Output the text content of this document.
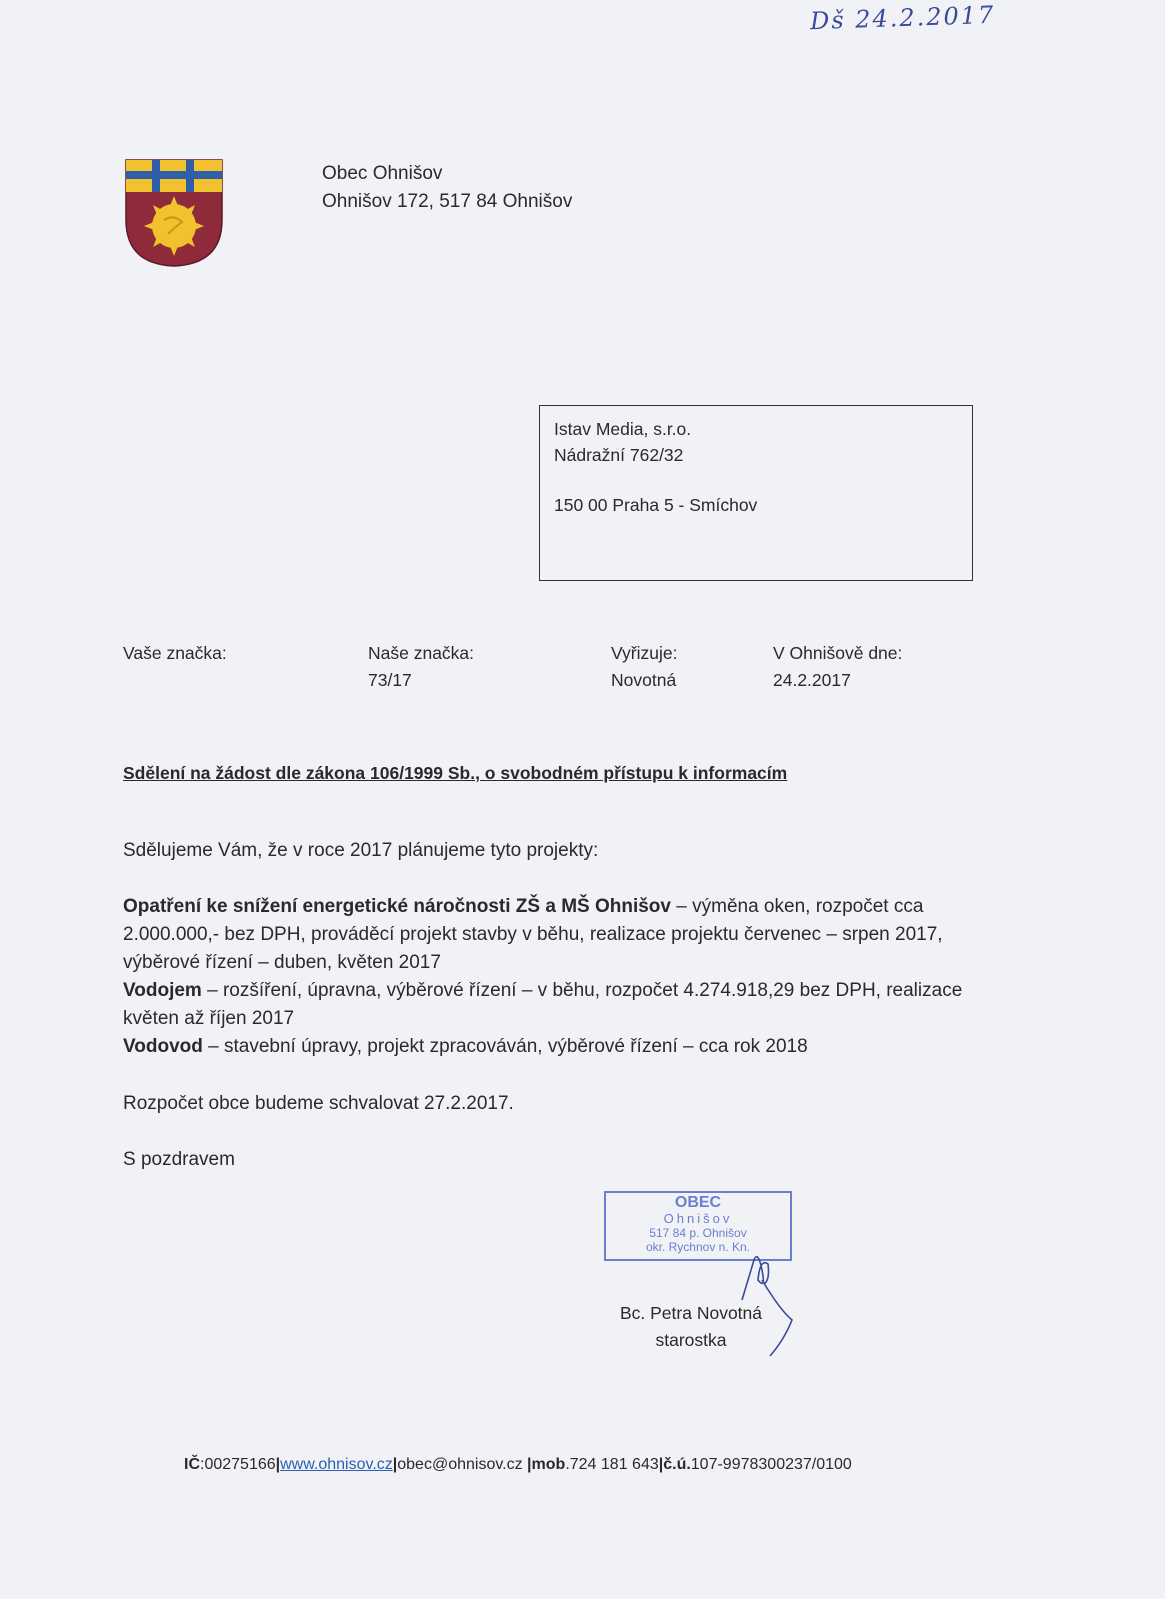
Dš 24.2.2017
Obec Ohnišov
Ohnišov 172, 517 84 Ohnišov
Istav Media, s.r.o.
Nádražní 762/32
150 00 Praha 5 - Smíchov
Vaše značka:	Naše značka:
73/17
Vyřizuje:
Novotná
V Ohnišově dne:
24.2.2017
Sdělení na žádost dle zákona 106/1999 Sb., o svobodném přístupu k informacím
Sdělujeme Vám, že v roce 2017 plánujeme tyto projekty:

Opatření ke snížení energetické náročnosti ZŠ a MŠ Ohnišov – výměna oken, rozpočet cca 2.000.000,- bez DPH, prováděcí projekt stavby v běhu, realizace projektu červenec – srpen 2017, výběrové řízení – duben, květen 2017

Vodojem – rozšíření, úpravna, výběrové řízení – v běhu, rozpočet 4.274.918,29 bez DPH, realizace květen až říjen 2017

Vodovod – stavební úpravy, projekt zpracováván, výběrové řízení – cca rok 2018

Rozpočet obce budeme schvalovat 27.2.2017.
S pozdravem
OBEC
Ohnišov
517 84 p. Ohnišov
okr. Rychnov n. Kn.
Bc. Petra Novotná
starostka
IČ:00275166|www.ohnisov.cz|obec@ohnisov.cz |mob.724 181 643|č.ú.107-9978300237/0100
